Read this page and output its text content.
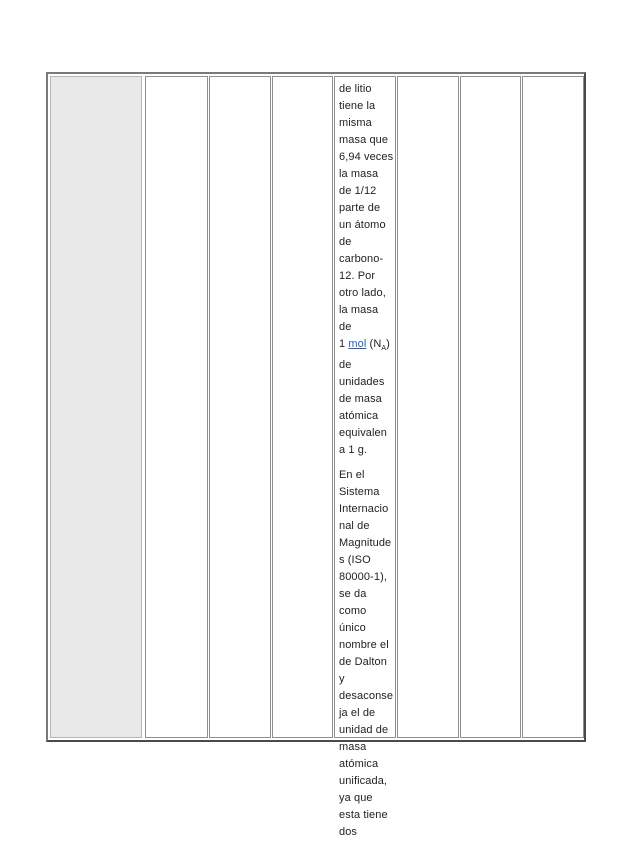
de litio
tiene la
misma
masa que
6,94 veces
la masa
de 1/12
parte de
un átomo
de
carbono-
12. Por
otro lado,
la masa
de
1 mol $(N_A)$
de
unidades
de masa
atómica
equivalen
a 1 g.

En el
Sistema
Internacio
nal de
Magnitude
s (ISO
80000-1),
se da
como
único
nombre el
de Dalton
y
desaconse
ja el de
unidad de
masa
atómica
unificada,
ya que
esta tiene
dos
